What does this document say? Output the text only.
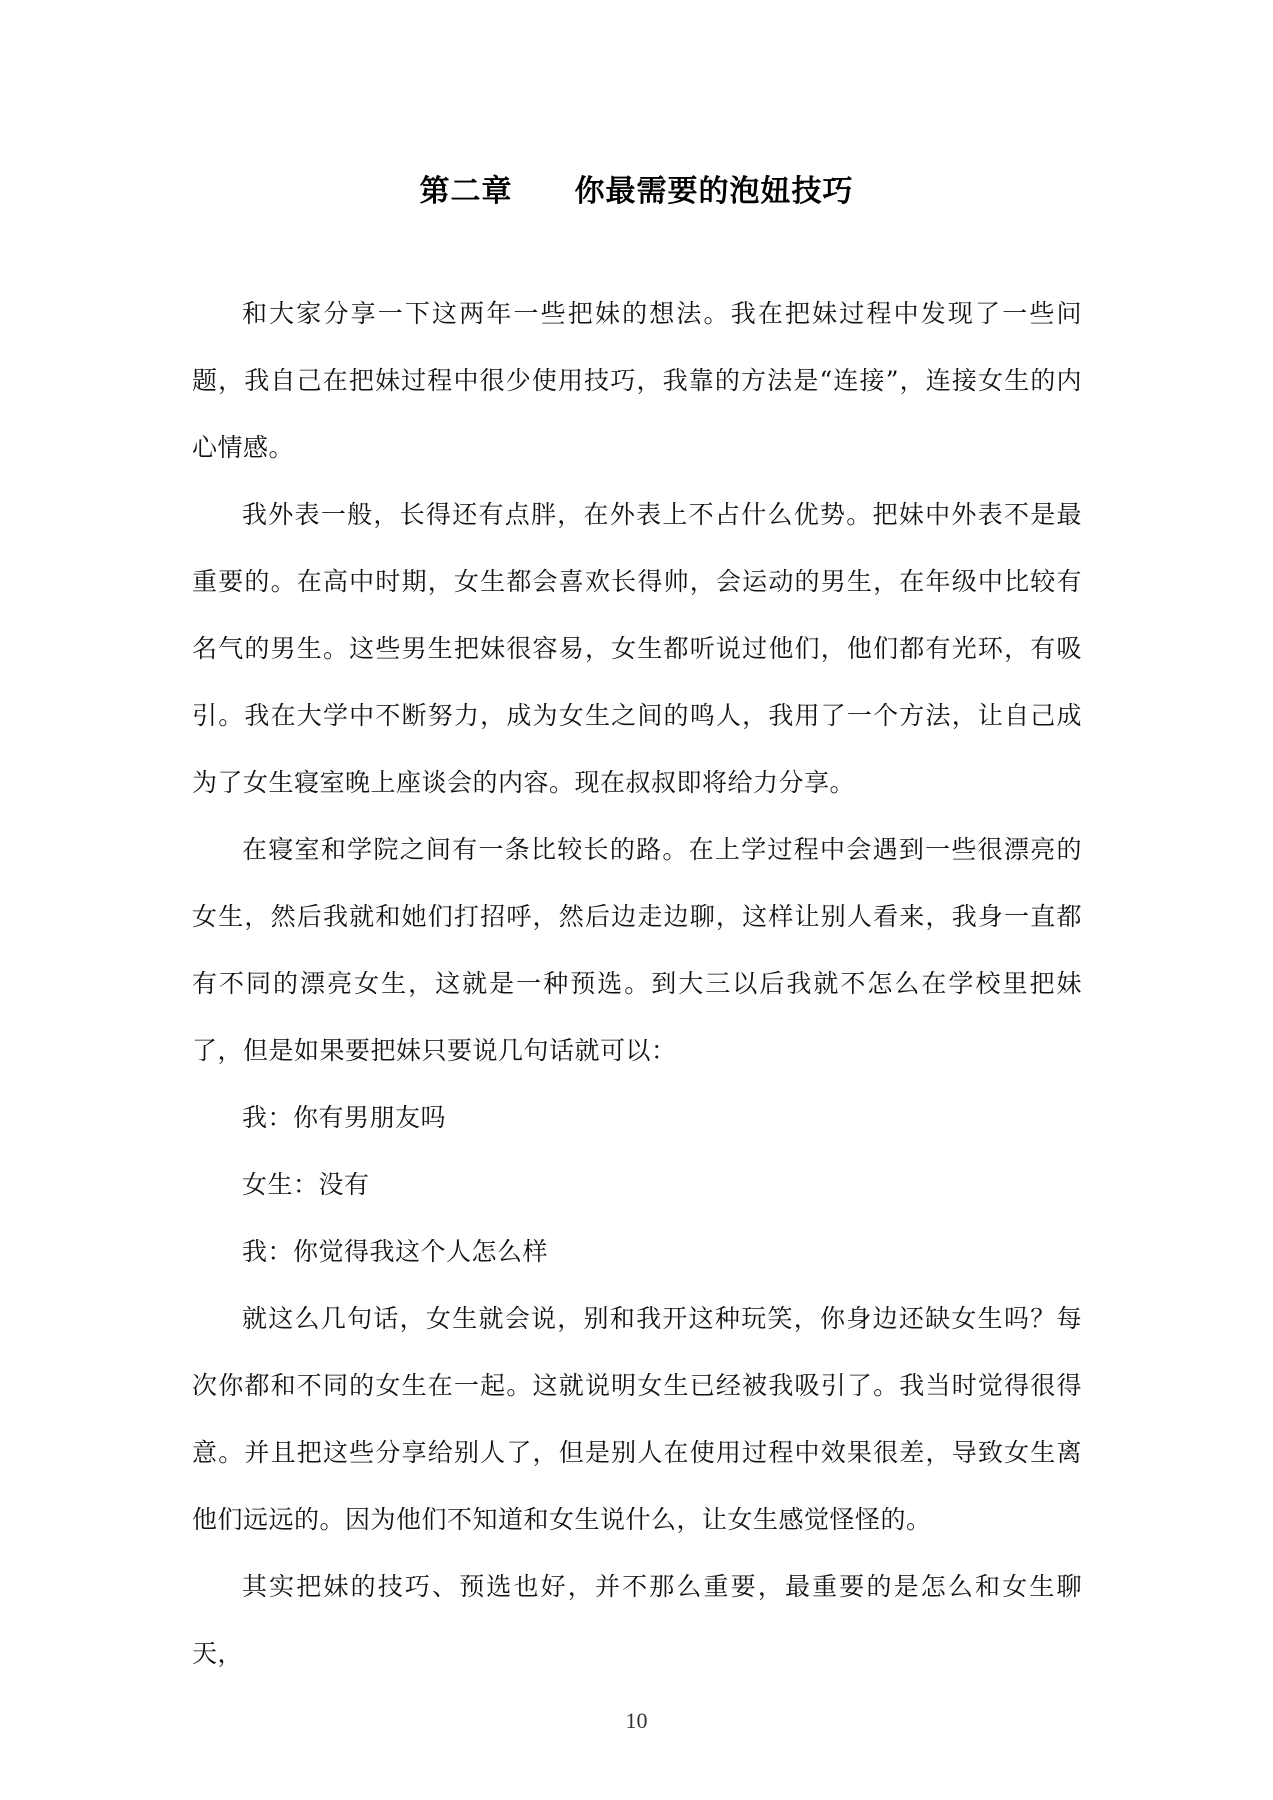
第二章　　你最需要的泡妞技巧

和大家分享一下这两年一些把妹的想法。我在把妹过程中发现了一些问题，我自己在把妹过程中很少使用技巧，我靠的方法是“连接”，连接女生的内心情感。

我外表一般，长得还有点胖，在外表上不占什么优势。把妹中外表不是最重要的。在高中时期，女生都会喜欢长得帅，会运动的男生，在年级中比较有名气的男生。这些男生把妹很容易，女生都听说过他们，他们都有光环，有吸引。我在大学中不断努力，成为女生之间的鸣人，我用了一个方法，让自己成为了女生寝室晚上座谈会的内容。现在叔叔即将给力分享。

在寝室和学院之间有一条比较长的路。在上学过程中会遇到一些很漂亮的女生，然后我就和她们打招呼，然后边走边聊，这样让别人看来，我身一直都有不同的漂亮女生，这就是一种预选。到大三以后我就不怎么在学校里把妹了，但是如果要把妹只要说几句话就可以：

我：你有男朋友吗

女生：没有

我：你觉得我这个人怎么样

就这么几句话，女生就会说，别和我开这种玩笑，你身边还缺女生吗？每次你都和不同的女生在一起。这就说明女生已经被我吸引了。我当时觉得很得意。并且把这些分享给别人了，但是别人在使用过程中效果很差，导致女生离他们远远的。因为他们不知道和女生说什么，让女生感觉怪怪的。

其实把妹的技巧、预选也好，并不那么重要，最重要的是怎么和女生聊天，

10
